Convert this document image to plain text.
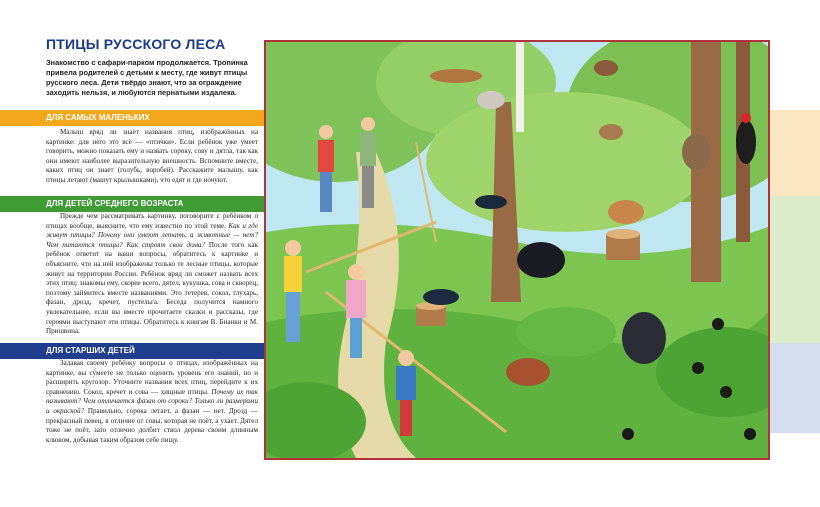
ПТИЦЫ РУССКОГО ЛЕСА
Знакомство с сафари-парком продолжается. Тропинка привела родителей с детьми к месту, где живут птицы русского леса. Дети твёрдо знают, что за ограждение заходить нельзя, и любуются пернатыми издалека.
ДЛЯ САМЫХ МАЛЕНЬКИХ

Малыш вряд ли знает названия птиц, изображённых на картинке: для него это всё — «птички». Если ребёнок уже умеет говорить, можно показать ему и назвать сороку, сову и дятла, так как они имеют наиболее выразительную внешность. Вспомните вместе, каких птиц он знает (голубь, воробей). Расскажите малышу, как птицы летают (машут крылышками), что едят и где ночуют.

ДЛЯ ДЕТЕЙ СРЕДНЕГО ВОЗРАСТА

Прежде чем рассматривать картинку, поговорите с ребёнком о птицах вообще, выясните, что ему известно по этой теме. Как и где живут птицы? Почему они умеют летать, а животные — нет? Чем питаются птицы? Как строят свои дома? После того как ребёнок ответит на ваши вопросы, обратитесь к картинке и объясните, что на ней изображены только те лесные птицы, которые живут на территории России. Ребёнок вряд ли сможет назвать всех этих птиц: знакомы ему, скорее всего, дятел, кукушка, сова и скворец, поэтому займитесь вместе названиями. Это тетерев, сокол, глухарь, фазан, дрозд, кречет, пустельга. Беседа получится намного увлекательнее, если вы вместе прочитаете сказки и рассказы, где героями выступают эти птицы. Обратитесь к книгам В. Бианки и М. Пришвина.

ДЛЯ СТАРШИХ ДЕТЕЙ

Задавая своему ребёнку вопросы о птицах, изображённых на картинке, вы сумеете не только оценить уровень его знаний, но и расширить кругозор. Уточните названия всех птиц, перейдите к их сравнению. Сокол, кречет и сова — хищные птицы. Почему их так называют? Чем отличается фазан от сороки? Только ли размерами и окраской? Правильно, сорока летает, а фазан — нет. Дрозд — прекрасный певец, в отличие от совы, которая не поёт, а ухает. Дятел тоже не поёт, зато отлично долбит ствол дерева своим длинным клювом, добывая таким образом себе пищу.
